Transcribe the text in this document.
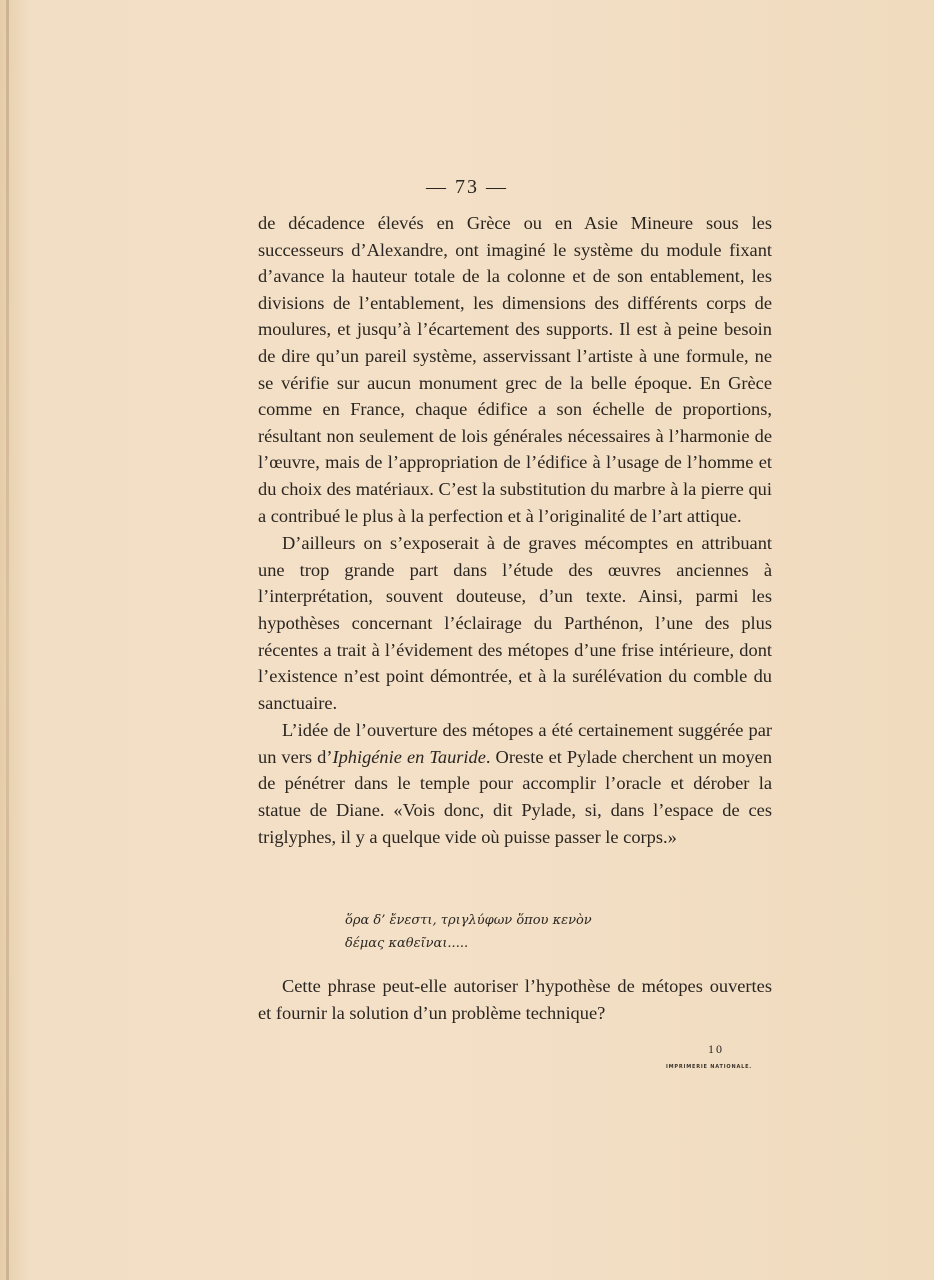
— 73 —

de décadence élevés en Grèce ou en Asie Mineure sous les successeurs d’Alexandre, ont imaginé le système du module fixant d’avance la hauteur totale de la colonne et de son entablement, les divisions de l’entablement, les dimensions des différents corps de moulures, et jusqu’à l’écartement des supports. Il est à peine besoin de dire qu’un pareil système, asservissant l’artiste à une formule, ne se vérifie sur aucun monument grec de la belle époque. En Grèce comme en France, chaque édifice a son échelle de proportions, résultant non seulement de lois générales nécessaires à l’harmonie de l’œuvre, mais de l’appropriation de l’édifice à l’usage de l’homme et du choix des matériaux. C’est la substitution du marbre à la pierre qui a contribué le plus à la perfection et à l’originalité de l’art attique.

D’ailleurs on s’exposerait à de graves mécomptes en attribuant une trop grande part dans l’étude des œuvres anciennes à l’interprétation, souvent douteuse, d’un texte. Ainsi, parmi les hypothèses concernant l’éclairage du Parthénon, l’une des plus récentes a trait à l’évidement des métopes d’une frise intérieure, dont l’existence n’est point démontrée, et à la surélévation du comble du sanctuaire.

L’idée de l’ouverture des métopes a été certainement suggérée par un vers d’Iphigénie en Tauride. Oreste et Pylade cherchent un moyen de pénétrer dans le temple pour accomplir l’oracle et dérober la statue de Diane. «Vois donc, dit Pylade, si, dans l’espace de ces triglyphes, il y a quelque vide où puisse passer le corps.»

ὅρα δ’ ἔνεστι, τριγλύφων ὅπου κενὸν
δέμας καθεῖναι.....

Cette phrase peut-elle autoriser l’hypothèse de métopes ouvertes et fournir la solution d’un problème technique?

10
IMPRIMERIE NATIONALE.
